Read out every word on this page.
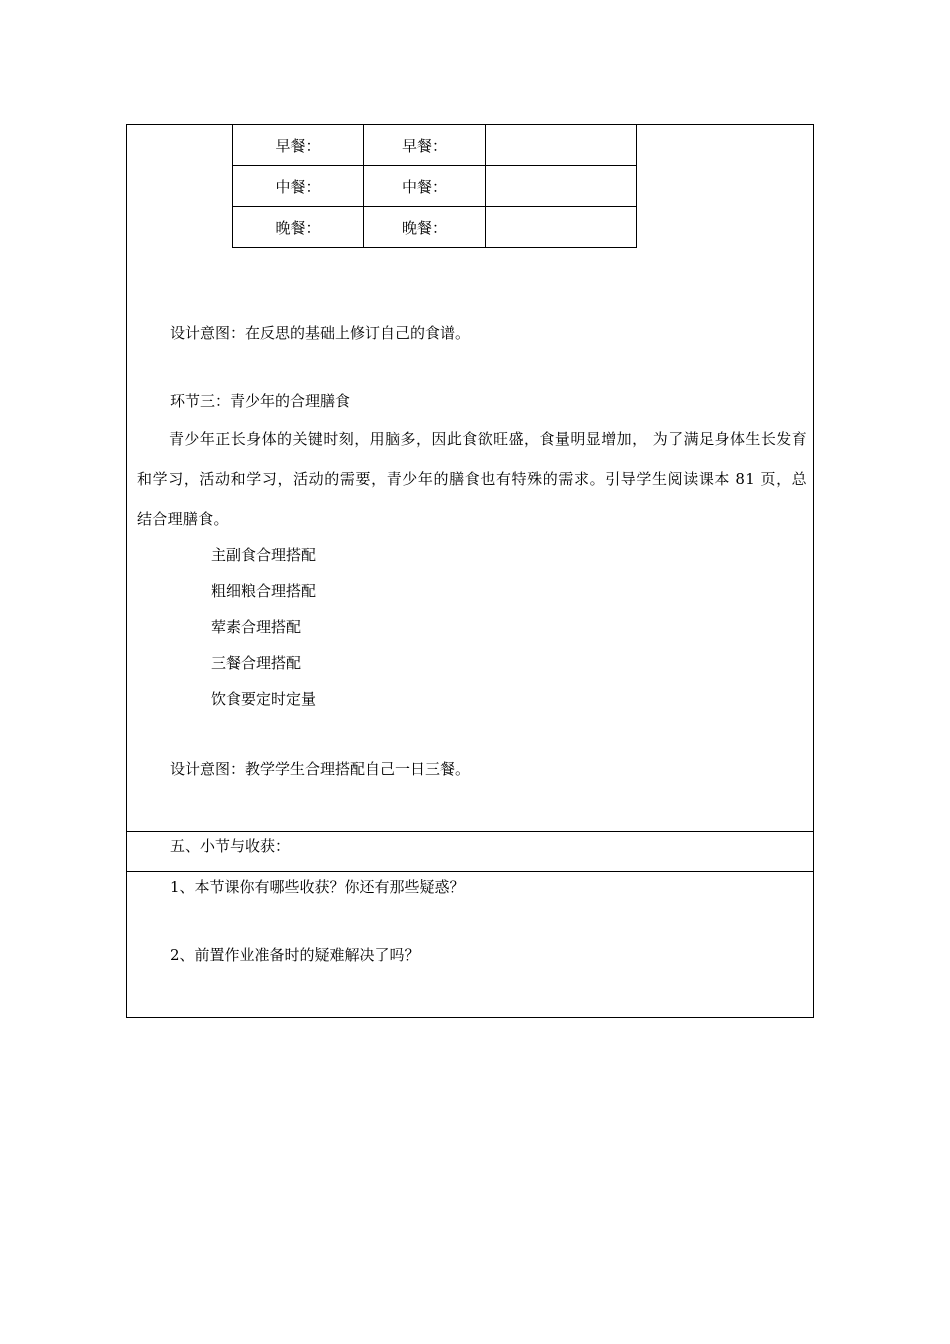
早餐：	早餐：	
中餐：	中餐：	
晚餐：	晚餐：	
设计意图：在反思的基础上修订自己的食谱。
环节三：青少年的合理膳食
青少年正长身体的关键时刻，用脑多，因此食欲旺盛，食量明显增加， 为了满足身体生长发育和学习，活动和学习，活动的需要，青少年的膳食也有特殊的需求。引导学生阅读课本 81 页，总结合理膳食。
主副食合理搭配
粗细粮合理搭配
荤素合理搭配
三餐合理搭配
饮食要定时定量
设计意图：教学学生合理搭配自己一日三餐。
五、小节与收获：
1、本节课你有哪些收获？你还有那些疑惑？
2、前置作业准备时的疑难解决了吗？
